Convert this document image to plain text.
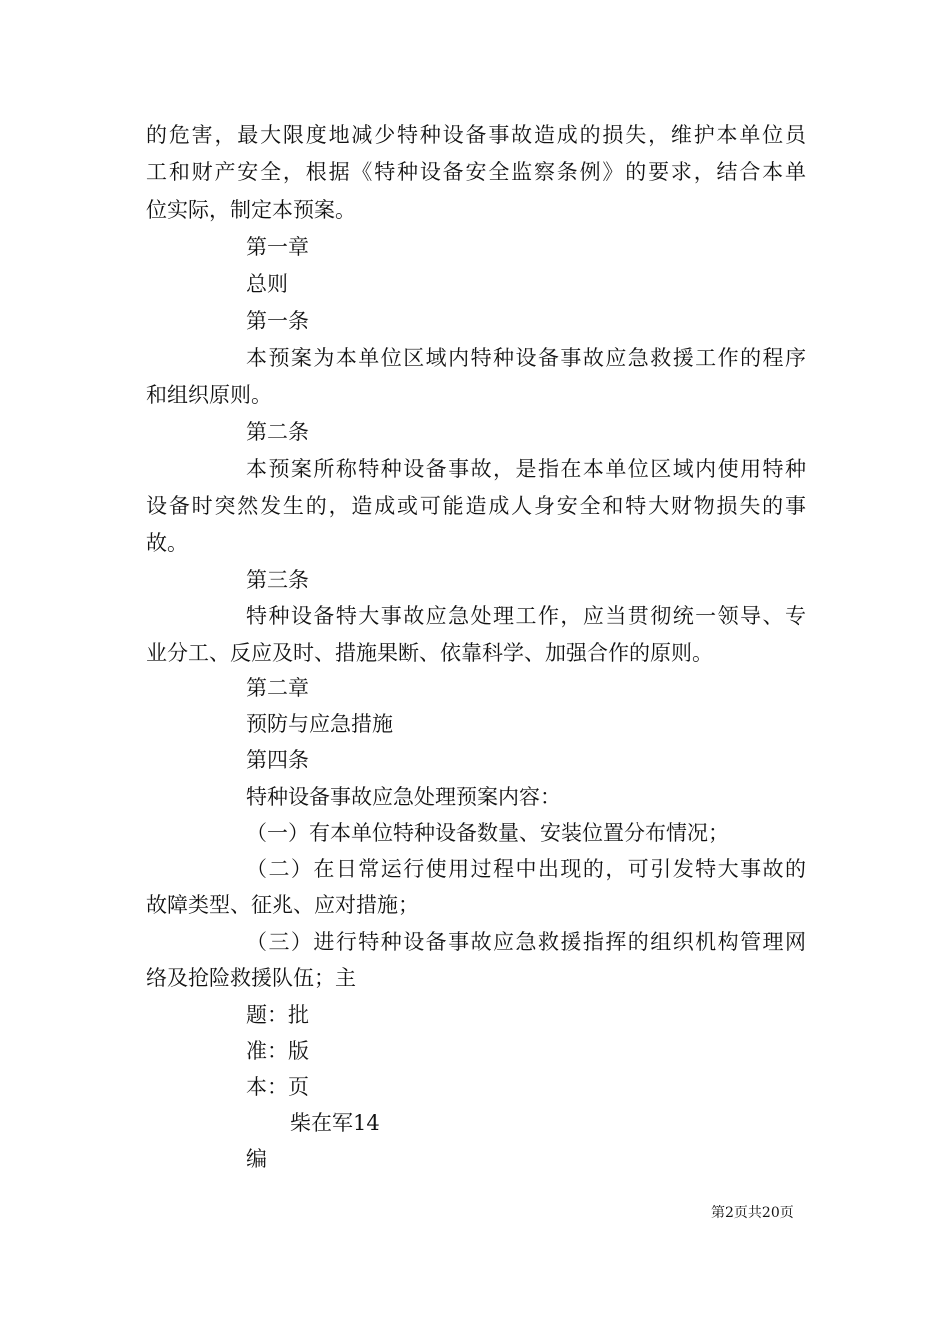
的危害，最大限度地减少特种设备事故造成的损失，维护本单位员
工和财产安全，根据《特种设备安全监察条例》的要求，结合本单
位实际，制定本预案。
第一章
总则
第一条
本预案为本单位区域内特种设备事故应急救援工作的程序
和组织原则。
第二条
本预案所称特种设备事故，是指在本单位区域内使用特种
设备时突然发生的，造成或可能造成人身安全和特大财物损失的事
故。
第三条
特种设备特大事故应急处理工作，应当贯彻统一领导、专
业分工、反应及时、措施果断、依靠科学、加强合作的原则。
第二章
预防与应急措施
第四条
特种设备事故应急处理预案内容：
（一）有本单位特种设备数量、安装位置分布情况；
（二）在日常运行使用过程中出现的，可引发特大事故的
故障类型、征兆、应对措施；
（三）进行特种设备事故应急救援指挥的组织机构管理网
络及抢险救援队伍；主
题：批
准：版
本：页
柴在军14
编
第2页共20页
